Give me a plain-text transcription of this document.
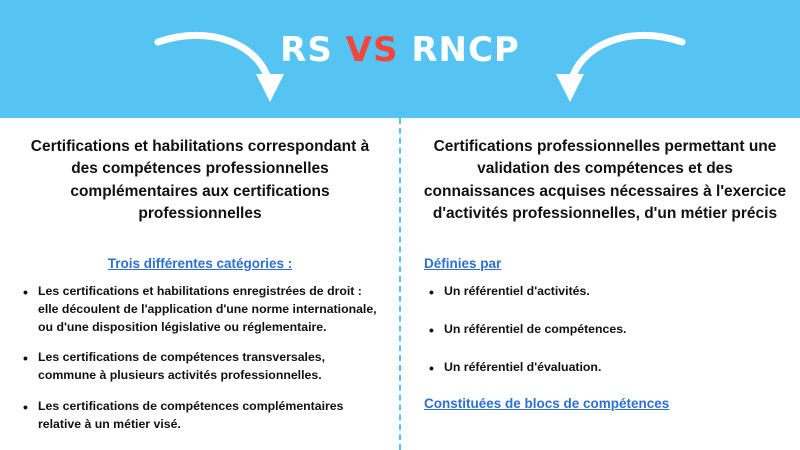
RS VS RNCP

Certifications et habilitations correspondant à des compétences professionnelles complémentaires aux certifications professionnelles

Trois différentes catégories :

• Les certifications et habilitations enregistrées de droit : elle découlent de l'application d'une norme internationale, ou d'une disposition législative ou réglementaire.
• Les certifications de compétences transversales, commune à plusieurs activités professionnelles.
• Les certifications de compétences complémentaires relative à un métier visé.

Certifications professionnelles permettant une validation des compétences et des connaissances acquises nécessaires à l'exercice d'activités professionnelles, d'un métier précis

Définies par

• Un référentiel d'activités.
• Un référentiel de compétences.
• Un référentiel d'évaluation.

Constituées de blocs de compétences
